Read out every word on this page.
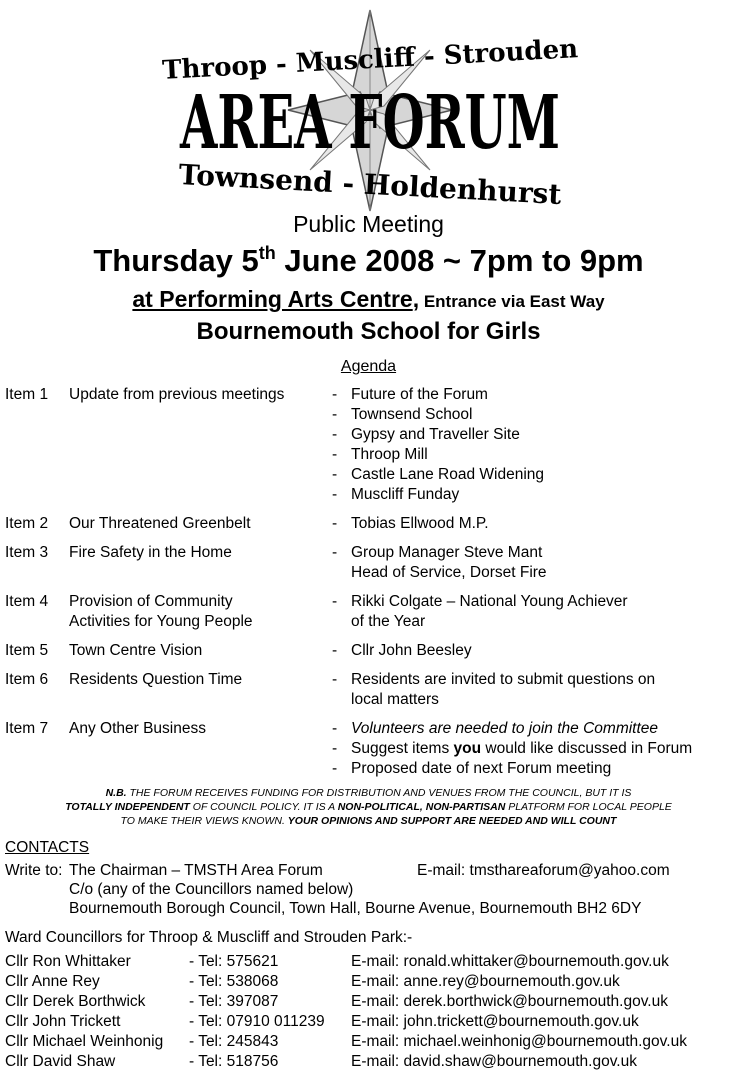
Throop - Muscliff - Strouden
AREA FORUM
Townsend - Holdenhurst
Public Meeting
Thursday 5th June 2008 ~ 7pm to 9pm
at Performing Arts Centre, Entrance via East Way
Bournemouth School for Girls
Agenda
Item 1 Update from previous meetings	- Future of the Forum
- Townsend School
- Gypsy and Traveller Site
- Throop Mill
- Castle Lane Road Widening
- Muscliff Funday
Item 2 Our Threatened Greenbelt	- Tobias Ellwood M.P.
Item 3 Fire Safety in the Home	- Group Manager Steve Mant
Head of Service, Dorset Fire
Item 4 Provision of Community
Activities for Young People
- Rikki Colgate – National Young Achiever
of the Year
Item 5 Town Centre Vision	- Cllr John Beesley
Item 6 Residents Question Time	- Residents are invited to submit questions on
local matters
Item 7 Any Other Business	- Volunteers are needed to join the Committee
- Suggest items you would like discussed in Forum
- Proposed date of next Forum meeting
N.B. THE FORUM RECEIVES FUNDING FOR DISTRIBUTION AND VENUES FROM THE COUNCIL, BUT IT IS
TOTALLY INDEPENDENT OF COUNCIL POLICY. IT IS A NON-POLITICAL, NON-PARTISAN PLATFORM FOR LOCAL PEOPLE
TO MAKE THEIR VIEWS KNOWN. YOUR OPINIONS AND SUPPORT ARE NEEDED AND WILL COUNT
CONTACTS
Write to: The Chairman – TMSTH Area Forum
C/o (any of the Councillors named below)
Bournemouth Borough Council, Town Hall, Bourne Avenue, Bournemouth BH2 6DY
E-mail: tmsthareaforum@yahoo.com
Ward Councillors for Throop & Muscliff and Strouden Park:-
Cllr Ron Whittaker	- Tel: 575621	E-mail: ronald.whittaker@bournemouth.gov.uk
Cllr Anne Rey	- Tel: 538068	E-mail: anne.rey@bournemouth.gov.uk
Cllr Derek Borthwick	- Tel: 397087	E-mail: derek.borthwick@bournemouth.gov.uk
Cllr John Trickett	- Tel: 07910 011239 E-mail: john.trickett@bournemouth.gov.uk
Cllr Michael Weinhonig - Tel: 245843	E-mail: michael.weinhonig@bournemouth.gov.uk
Cllr David Shaw	- Tel: 518756	E-mail: david.shaw@bournemouth.gov.uk
